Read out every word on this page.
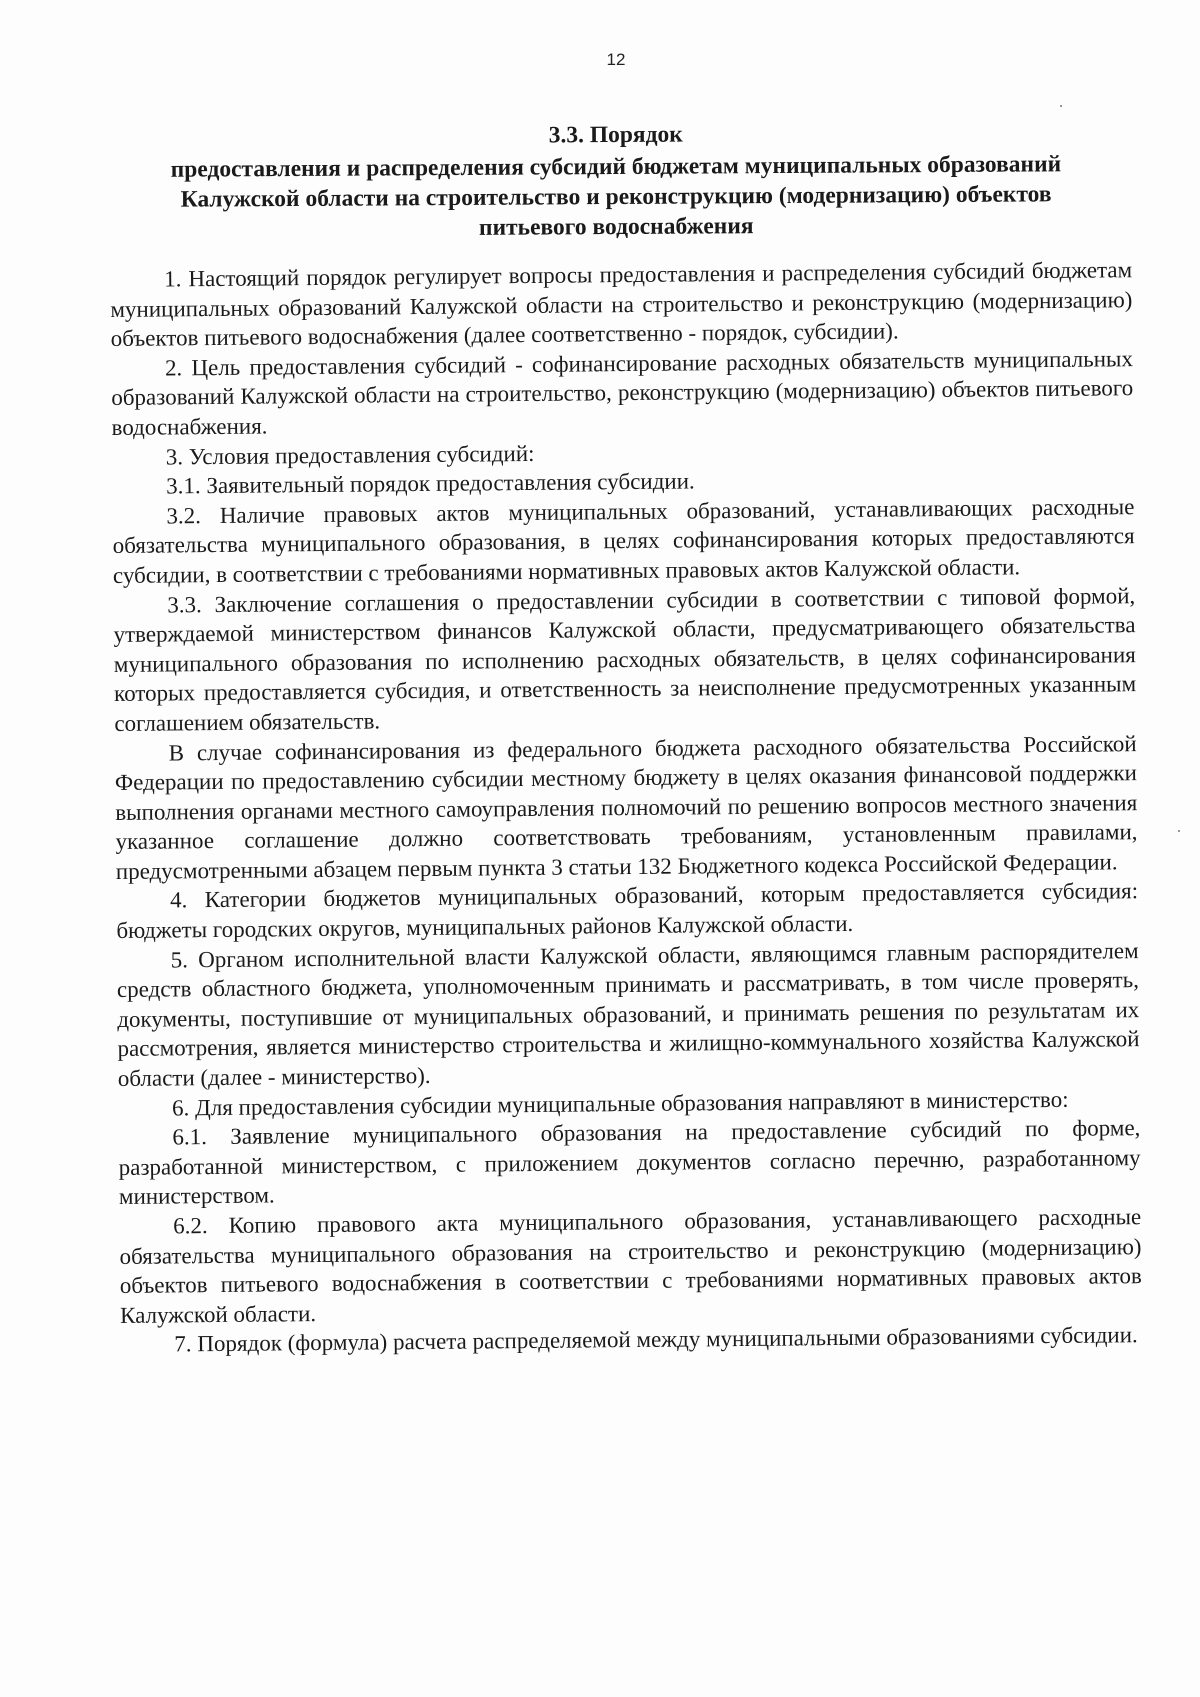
12
3.3. Порядок
предоставления и распределения субсидий бюджетам муниципальных образований
Калужской области на строительство и реконструкцию (модернизацию) объектов
питьевого водоснабжения

1. Настоящий порядок регулирует вопросы предоставления и распределения субсидий бюджетам муниципальных образований Калужской области на строительство и реконструкцию (модернизацию) объектов питьевого водоснабжения (далее соответственно - порядок, субсидии).

2. Цель предоставления субсидий - софинансирование расходных обязательств муниципальных образований Калужской области на строительство, реконструкцию (модернизацию) объектов питьевого водоснабжения.

3. Условия предоставления субсидий:

3.1. Заявительный порядок предоставления субсидии.

3.2. Наличие правовых актов муниципальных образований, устанавливающих расходные обязательства муниципального образования, в целях софинансирования которых предоставляются субсидии, в соответствии с требованиями нормативных правовых актов Калужской области.

3.3. Заключение соглашения о предоставлении субсидии в соответствии с типовой формой, утверждаемой министерством финансов Калужской области, предусматривающего обязательства муниципального образования по исполнению расходных обязательств, в целях софинансирования которых предоставляется субсидия, и ответственность за неисполнение предусмотренных указанным соглашением обязательств.

В случае софинансирования из федерального бюджета расходного обязательства Российской Федерации по предоставлению субсидии местному бюджету в целях оказания финансовой поддержки выполнения органами местного самоуправления полномочий по решению вопросов местного значения указанное соглашение должно соответствовать требованиям, установленным правилами, предусмотренными абзацем первым пункта 3 статьи 132 Бюджетного кодекса Российской Федерации.

4. Категории бюджетов муниципальных образований, которым предоставляется субсидия: бюджеты городских округов, муниципальных районов Калужской области.

5. Органом исполнительной власти Калужской области, являющимся главным распорядителем средств областного бюджета, уполномоченным принимать и рассматривать, в том числе проверять, документы, поступившие от муниципальных образований, и принимать решения по результатам их рассмотрения, является министерство строительства и жилищно-коммунального хозяйства Калужской области (далее - министерство).

6. Для предоставления субсидии муниципальные образования направляют в министерство:

6.1. Заявление муниципального образования на предоставление субсидий по форме, разработанной министерством, с приложением документов согласно перечню, разработанному министерством.

6.2. Копию правового акта муниципального образования, устанавливающего расходные обязательства муниципального образования на строительство и реконструкцию (модернизацию) объектов питьевого водоснабжения в соответствии с требованиями нормативных правовых актов Калужской области.

7. Порядок (формула) расчета распределяемой между муниципальными образованиями субсидии.
